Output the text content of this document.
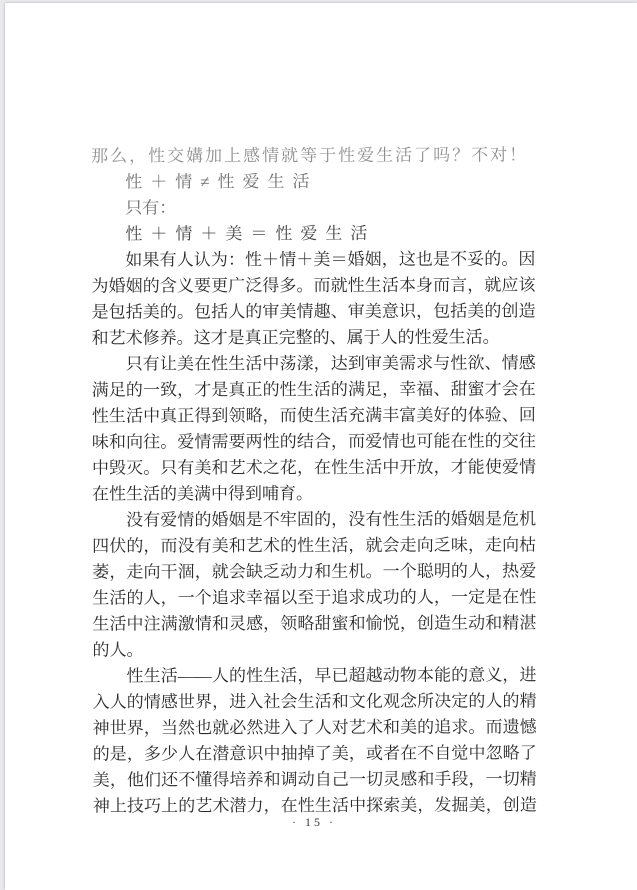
那么，性交媾加上感情就等于性爱生活了吗？不对！
性＋情≠性爱生活
只有：
性＋情＋美＝性爱生活
如果有人认为：性＋情＋美＝婚姻，这也是不妥的。因
为婚姻的含义要更广泛得多。而就性生活本身而言，就应该
是包括美的。包括人的审美情趣、审美意识，包括美的创造
和艺术修养。这才是真正完整的、属于人的性爱生活。
只有让美在性生活中荡漾，达到审美需求与性欲、情感
满足的一致，才是真正的性生活的满足，幸福、甜蜜才会在
性生活中真正得到领略，而使生活充满丰富美好的体验、回
味和向往。爱情需要两性的结合，而爱情也可能在性的交往
中毁灭。只有美和艺术之花，在性生活中开放，才能使爱情
在性生活的美满中得到哺育。
没有爱情的婚姻是不牢固的，没有性生活的婚姻是危机
四伏的，而没有美和艺术的性生活，就会走向乏味，走向枯
萎，走向干涸，就会缺乏动力和生机。一个聪明的人，热爱
生活的人，一个追求幸福以至于追求成功的人，一定是在性
生活中注满激情和灵感，领略甜蜜和愉悦，创造生动和精湛
的人。
性生活——人的性生活，早已超越动物本能的意义，进
入人的情感世界，进入社会生活和文化观念所决定的人的精
神世界，当然也就必然进入了人对艺术和美的追求。而遗憾
的是，多少人在潜意识中抽掉了美，或者在不自觉中忽略了
美，他们还不懂得培养和调动自己一切灵感和手段，一切精
神上技巧上的艺术潜力，在性生活中探索美，发掘美，创造
· 15 ·
